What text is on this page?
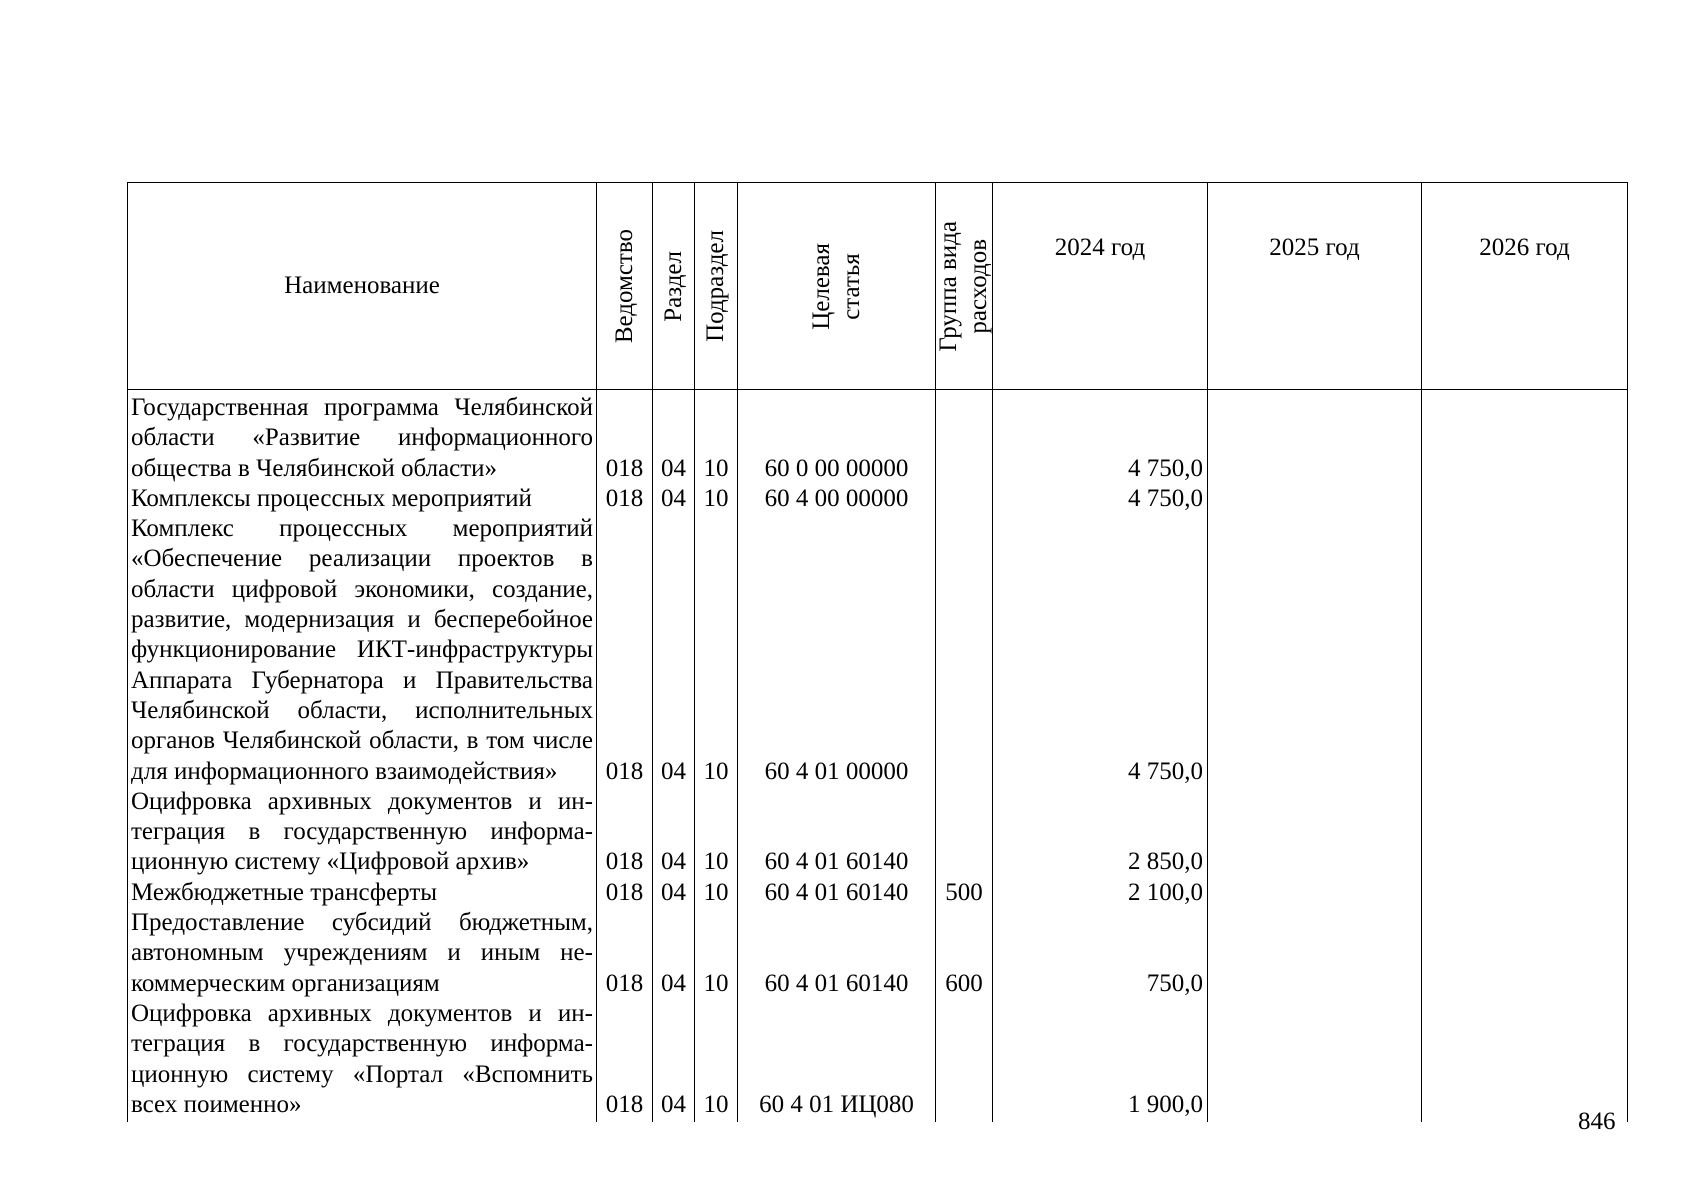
Наименование	Ведомство	Раздел	Подраздел	Целевая статья	Группа вида расходов	2024 год	2025 год	2026 год
Государственная программа Челябинской области «Развитие информационного общества в Челябинской области»	018	04	10	60 0 00 00000		4 750,0		
Комплексы процессных мероприятий	018	04	10	60 4 00 00000		4 750,0		
Комплекс процессных мероприятий «Обеспечение реализации проектов в области цифровой экономики, создание, развитие, модернизация и бесперебойное функционирование ИКТ-инфраструктуры Аппарата Губернатора и Правительства Челябинской области, исполнительных органов Челябинской области, в том числе для информационного взаимодействия»	018	04	10	60 4 01 00000		4 750,0		
Оцифровка архивных документов и интеграция в государственную информационную систему «Цифровой архив»	018	04	10	60 4 01 60140		2 850,0		
Межбюджетные трансферты	018	04	10	60 4 01 60140	500	2 100,0		
Предоставление субсидий бюджетным, автономным учреждениям и иным некоммерческим организациям	018	04	10	60 4 01 60140	600	750,0		
Оцифровка архивных документов и интеграция в государственную информационную систему «Портал «Вспомнить всех поименно»	018	04	10	60 4 01 ИЦ080		1 900,0		
846
